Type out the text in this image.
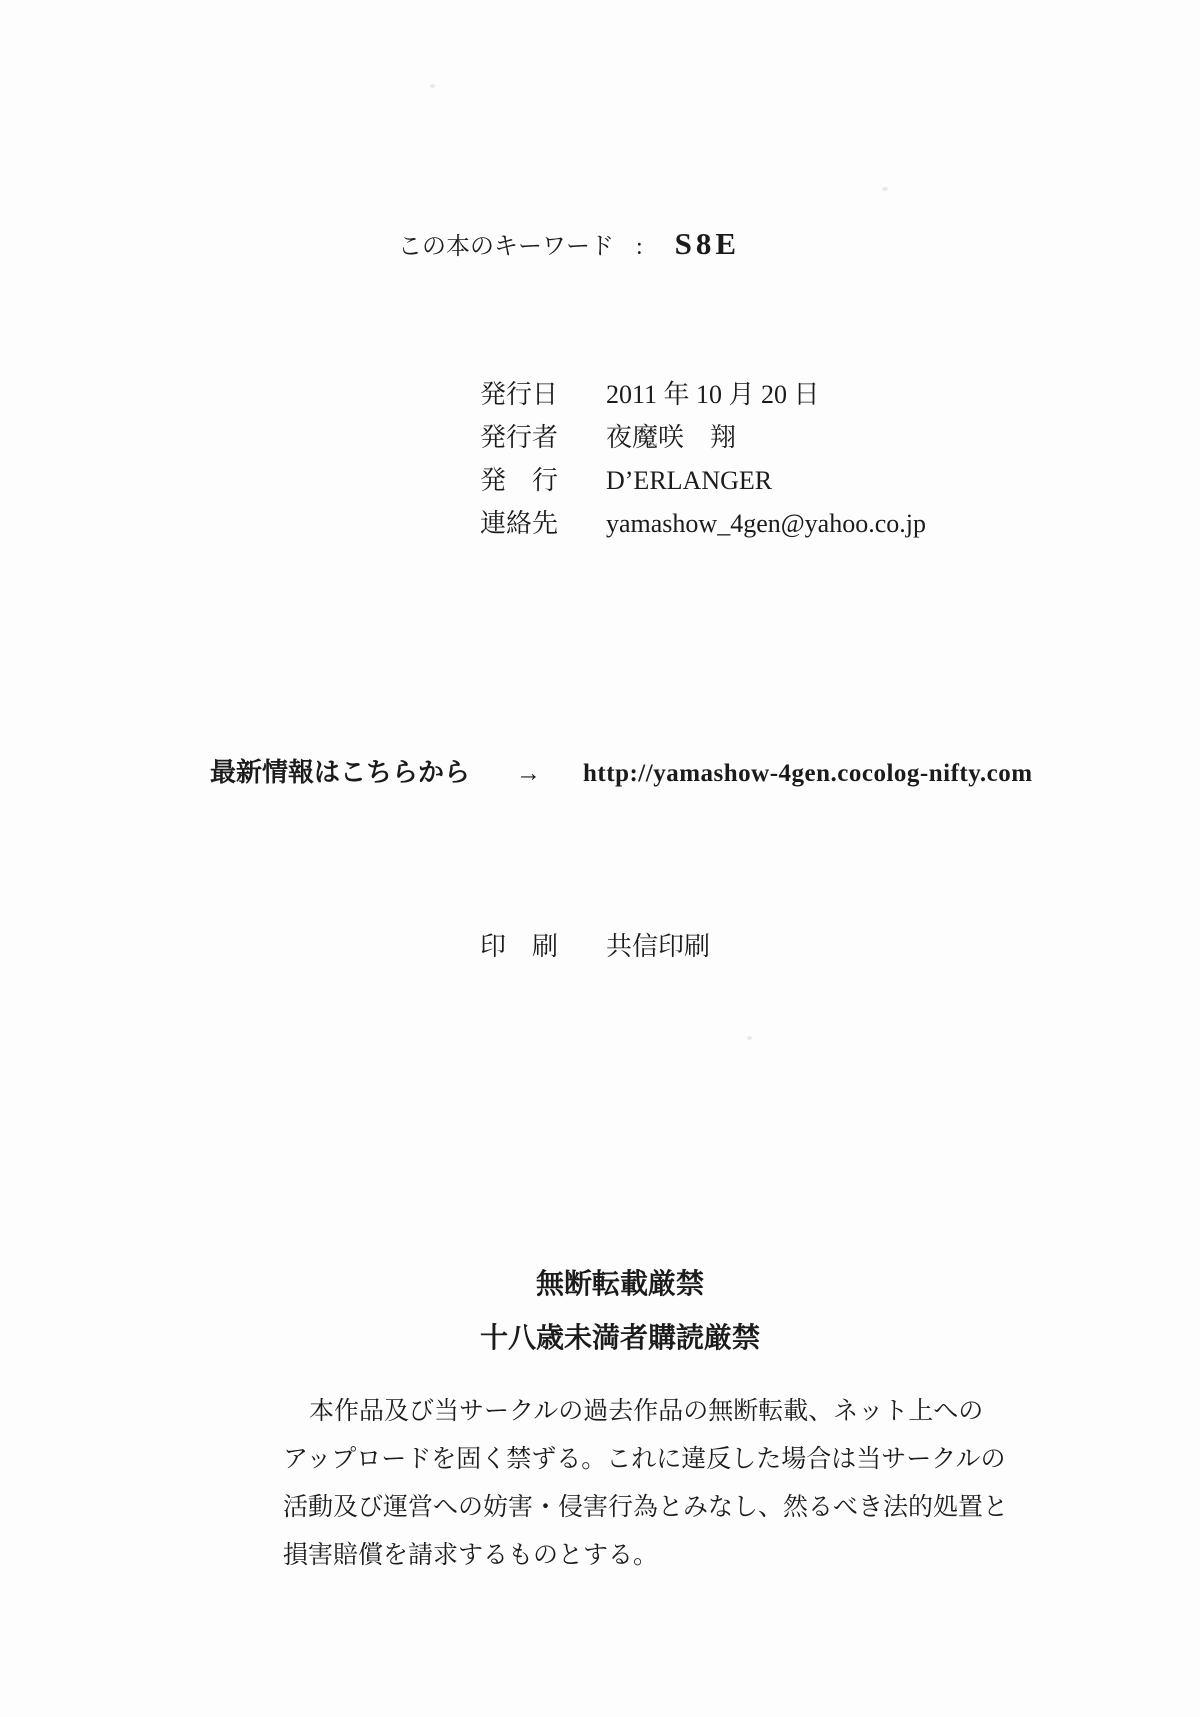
この本のキーワード : S8E
発行日	2011 年 10 月 20 日
発行者	夜魔咲　翔
発　行	D’ERLANGER
連絡先	yamashow_4gen@yahoo.co.jp
最新情報はこちらから → http://yamashow-4gen.cocolog-nifty.com
印　刷	共信印刷
無断転載厳禁
十八歳未満者購読厳禁
本作品及び当サークルの過去作品の無断転載、ネット上への
アップロードを固く禁ずる。これに違反した場合は当サークルの
活動及び運営への妨害・侵害行為とみなし、然るべき法的処置と
損害賠償を請求するものとする。
